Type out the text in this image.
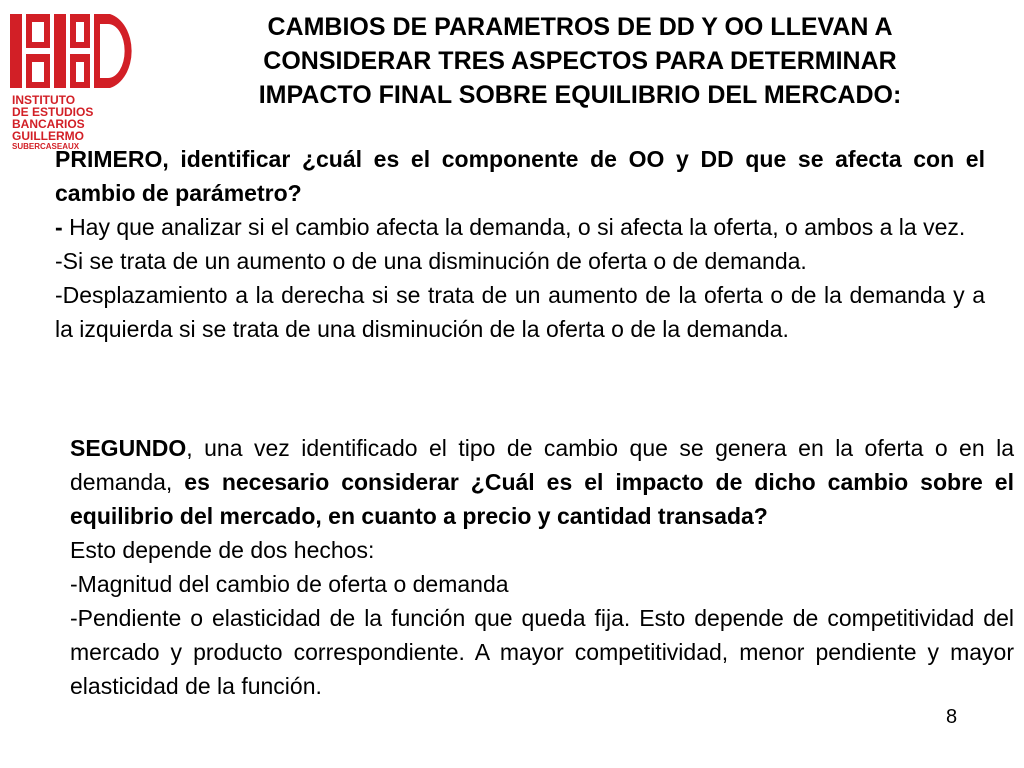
INSTITUTO
DE ESTUDIOS
BANCARIOS
GUILLERMO
SUBERCASEAUX
CAMBIOS DE PARAMETROS DE DD Y OO LLEVAN A
CONSIDERAR TRES ASPECTOS PARA DETERMINAR
IMPACTO FINAL SOBRE EQUILIBRIO DEL MERCADO:

PRIMERO, identificar ¿cuál es el componente de OO y DD que se afecta con el cambio de parámetro?

- Hay que analizar si el cambio afecta la demanda, o si afecta la oferta, o ambos a la vez.

-Si se trata de un aumento o de una disminución de oferta o de demanda.

-Desplazamiento a la derecha si se trata de un aumento de la oferta o de la demanda y a la izquierda si se trata de una disminución de la oferta o de la demanda.

SEGUNDO, una vez identificado el tipo de cambio que se genera en la oferta o en la demanda, es necesario considerar ¿Cuál es el impacto de dicho cambio sobre el equilibrio del mercado, en cuanto a precio y cantidad transada?

Esto depende de dos hechos:

-Magnitud del cambio de oferta o demanda

-Pendiente o elasticidad de la función que queda fija. Esto depende de competitividad del mercado y producto correspondiente. A mayor competitividad, menor pendiente y mayor elasticidad de la función.

8
